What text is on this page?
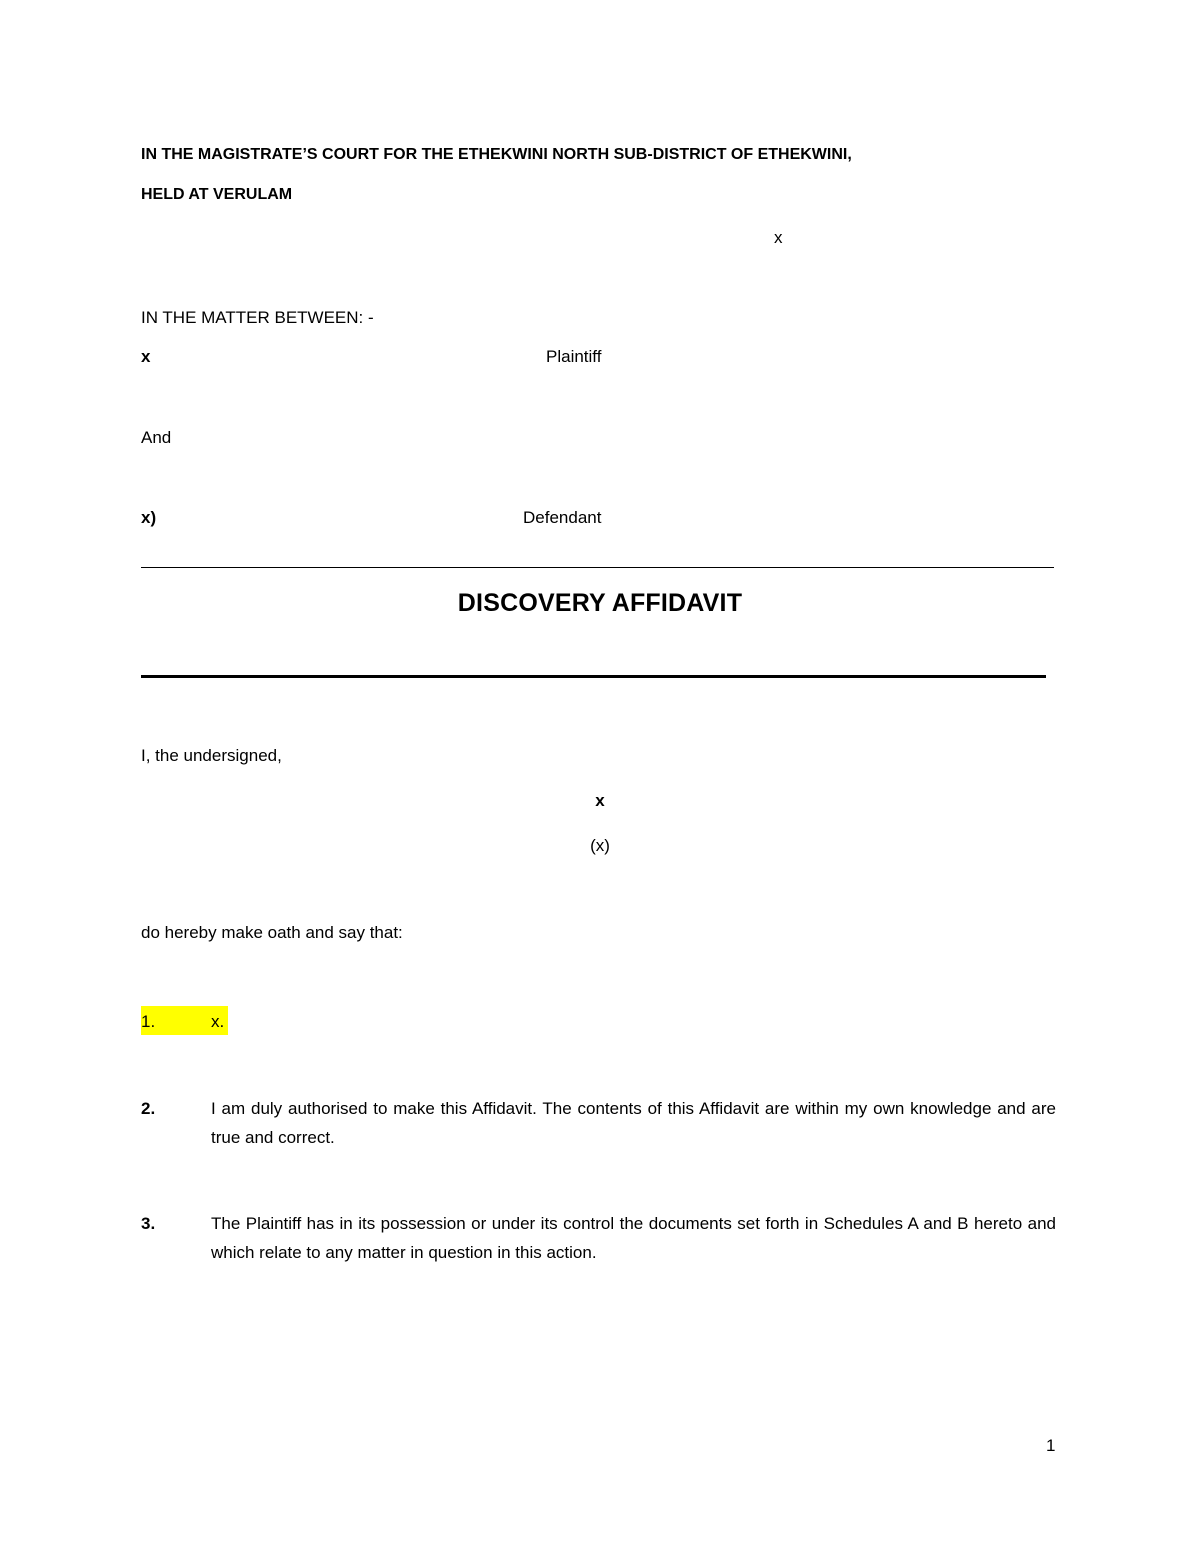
IN THE MAGISTRATE’S COURT FOR THE ETHEKWINI NORTH SUB-DISTRICT OF ETHEKWINI,
HELD AT VERULAM
x
IN THE MATTER BETWEEN: -
x	Plaintiff
And
x)	Defendant
DISCOVERY AFFIDAVIT
I, the undersigned,
x
(x)
do hereby make oath and say that:
1.	x.
2.	I am duly authorised to make this Affidavit. The contents of this Affidavit are within my own knowledge and are true and correct.
3.	The Plaintiff has in its possession or under its control the documents set forth in Schedules A and B hereto and which relate to any matter in question in this action.
1
